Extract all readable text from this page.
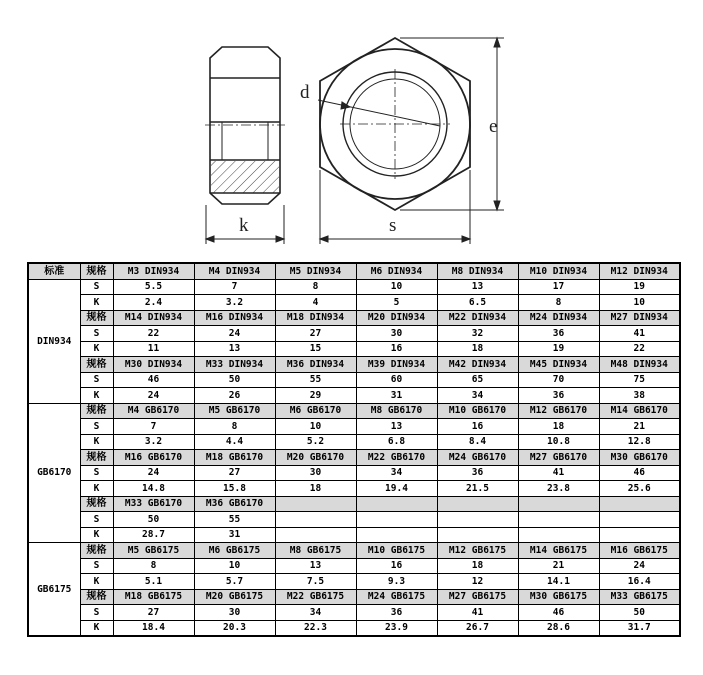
k
d
e
s
标准	规格	M3 DIN934	M4 DIN934	M5 DIN934	M6 DIN934	M8 DIN934	M10 DIN934	M12 DIN934
DIN934	S	5.5	7	8	10	13	17	19
	K	2.4	3.2	4	5	6.5	8	10
	规格	M14 DIN934	M16 DIN934	M18 DIN934	M20 DIN934	M22 DIN934	M24 DIN934	M27 DIN934
	S	22	24	27	30	32	36	41
	K	11	13	15	16	18	19	22
	规格	M30 DIN934	M33 DIN934	M36 DIN934	M39 DIN934	M42 DIN934	M45 DIN934	M48 DIN934
	S	46	50	55	60	65	70	75
	K	24	26	29	31	34	36	38
GB6170	规格	M4 GB6170	M5 GB6170	M6 GB6170	M8 GB6170	M10 GB6170	M12 GB6170	M14 GB6170
	S	7	8	10	13	16	18	21
	K	3.2	4.4	5.2	6.8	8.4	10.8	12.8
	规格	M16 GB6170	M18 GB6170	M20 GB6170	M22 GB6170	M24 GB6170	M27 GB6170	M30 GB6170
	S	24	27	30	34	36	41	46
	K	14.8	15.8	18	19.4	21.5	23.8	25.6
	规格	M33 GB6170	M36 GB6170					
	S	50	55					
	K	28.7	31					
GB6175	规格	M5 GB6175	M6 GB6175	M8 GB6175	M10 GB6175	M12 GB6175	M14 GB6175	M16 GB6175
	S	8	10	13	16	18	21	24
	K	5.1	5.7	7.5	9.3	12	14.1	16.4
	规格	M18 GB6175	M20 GB6175	M22 GB6175	M24 GB6175	M27 GB6175	M30 GB6175	M33 GB6175
	S	27	30	34	36	41	46	50
	K	18.4	20.3	22.3	23.9	26.7	28.6	31.7
